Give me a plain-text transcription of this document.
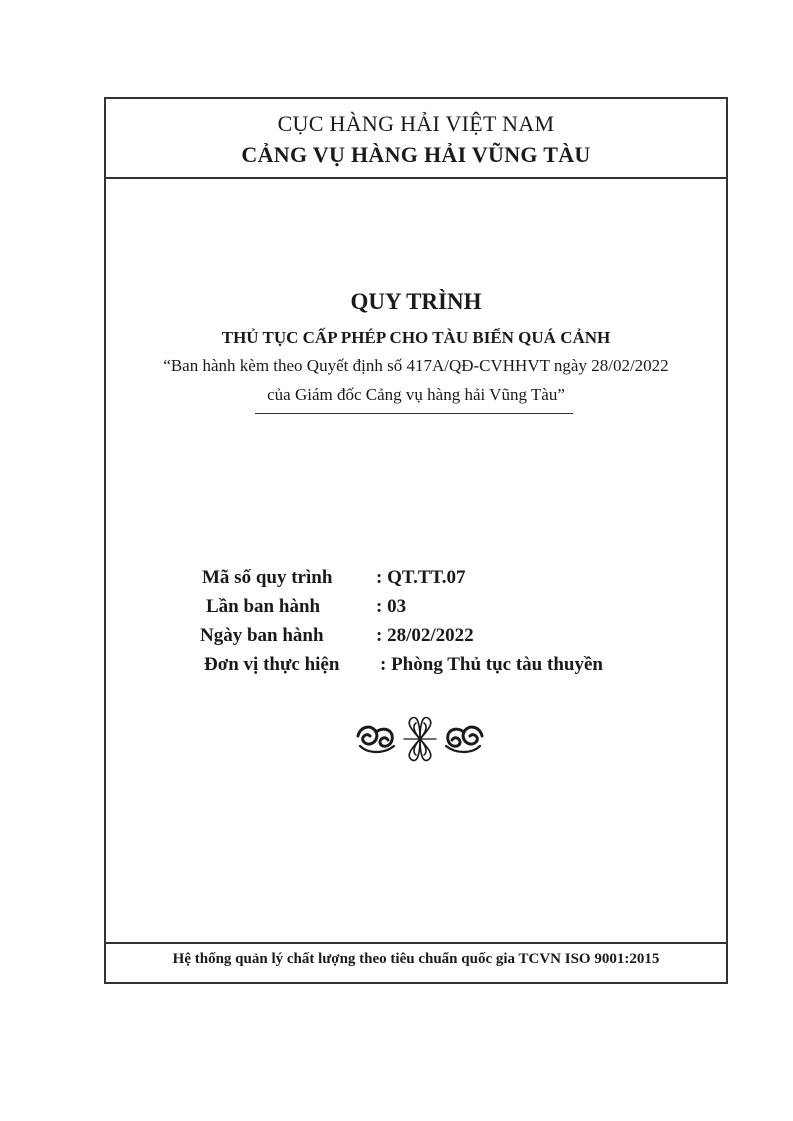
CỤC HÀNG HẢI VIỆT NAM
CẢNG VỤ HÀNG HẢI VŨNG TÀU
QUY TRÌNH
THỦ TỤC CẤP PHÉP CHO TÀU BIỂN QUÁ CẢNH
“Ban hành kèm theo Quyết định số 417A/QĐ-CVHHVT ngày 28/02/2022
của Giám đốc Cảng vụ hàng hải Vũng Tàu”
Mã số quy trình : QT.TT.07
Lần ban hành	: 03
Ngày ban hành	: 28/02/2022
Đơn vị thực hiện : Phòng Thủ tục tàu thuyền
Hệ thống quản lý chất lượng theo tiêu chuẩn quốc gia TCVN ISO 9001:2015
